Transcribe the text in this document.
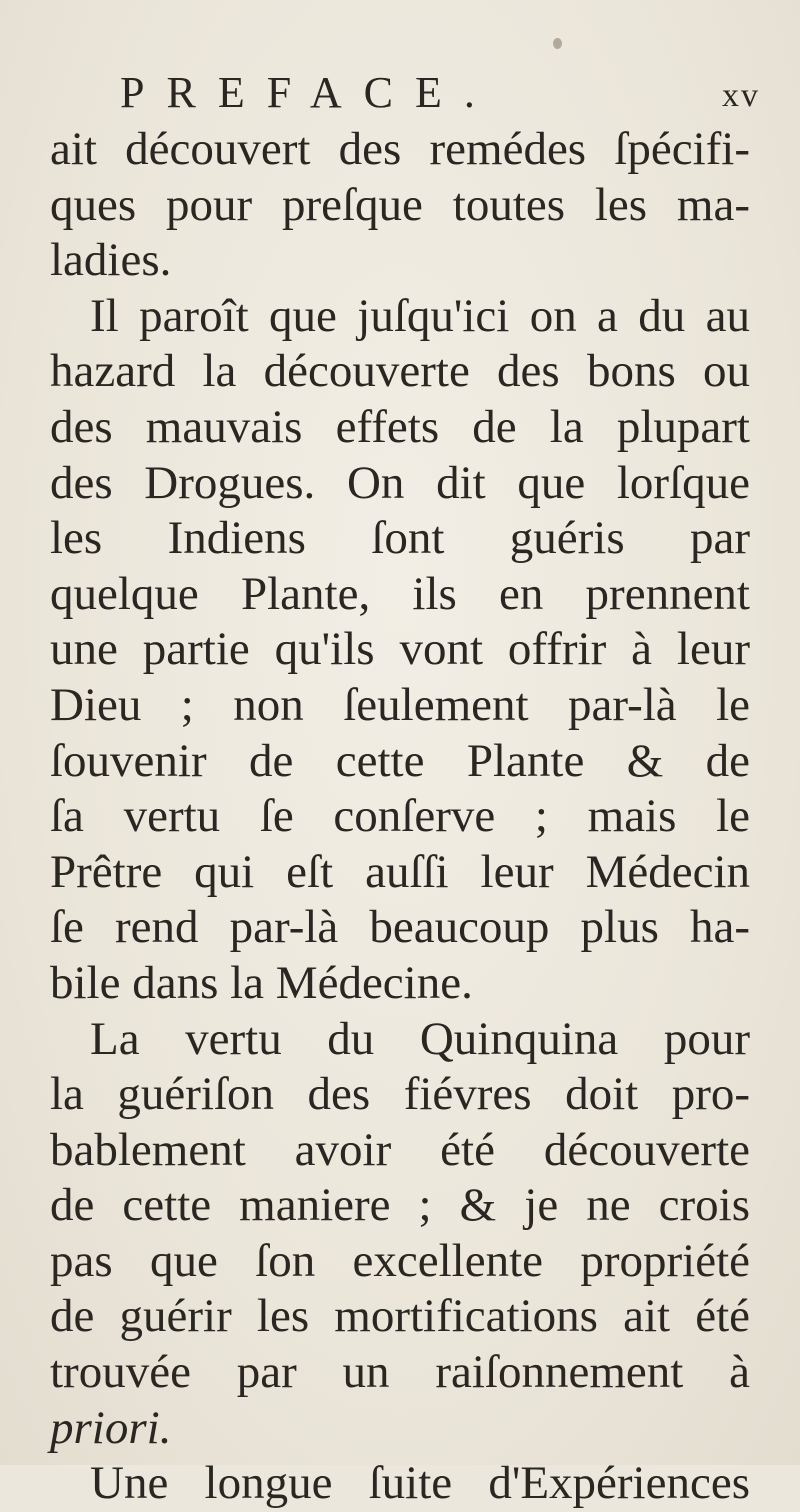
PREFACE.	xv
ait découvert des remédes ſpécifi-
ques pour preſque toutes les ma-
ladies.
Il paroît que juſqu'ici on a du au
hazard la découverte des bons ou
des mauvais effets de la plupart
des Drogues. On dit que lorſque
les Indiens ſont guéris par
quelque Plante, ils en prennent
une partie qu'ils vont offrir à leur
Dieu ; non ſeulement par-là le
ſouvenir de cette Plante & de
ſa vertu ſe conſerve ; mais le
Prêtre qui eſt auſſi leur Médecin
ſe rend par-là beaucoup plus ha-
bile dans la Médecine.
La vertu du Quinquina pour
la guériſon des fiévres doit pro-
bablement avoir été découverte
de cette maniere ; & je ne crois
pas que ſon excellente propriété
de guérir les mortifications ait été
trouvée par un raiſonnement à
priori.
Une longue ſuite d'Expériences
